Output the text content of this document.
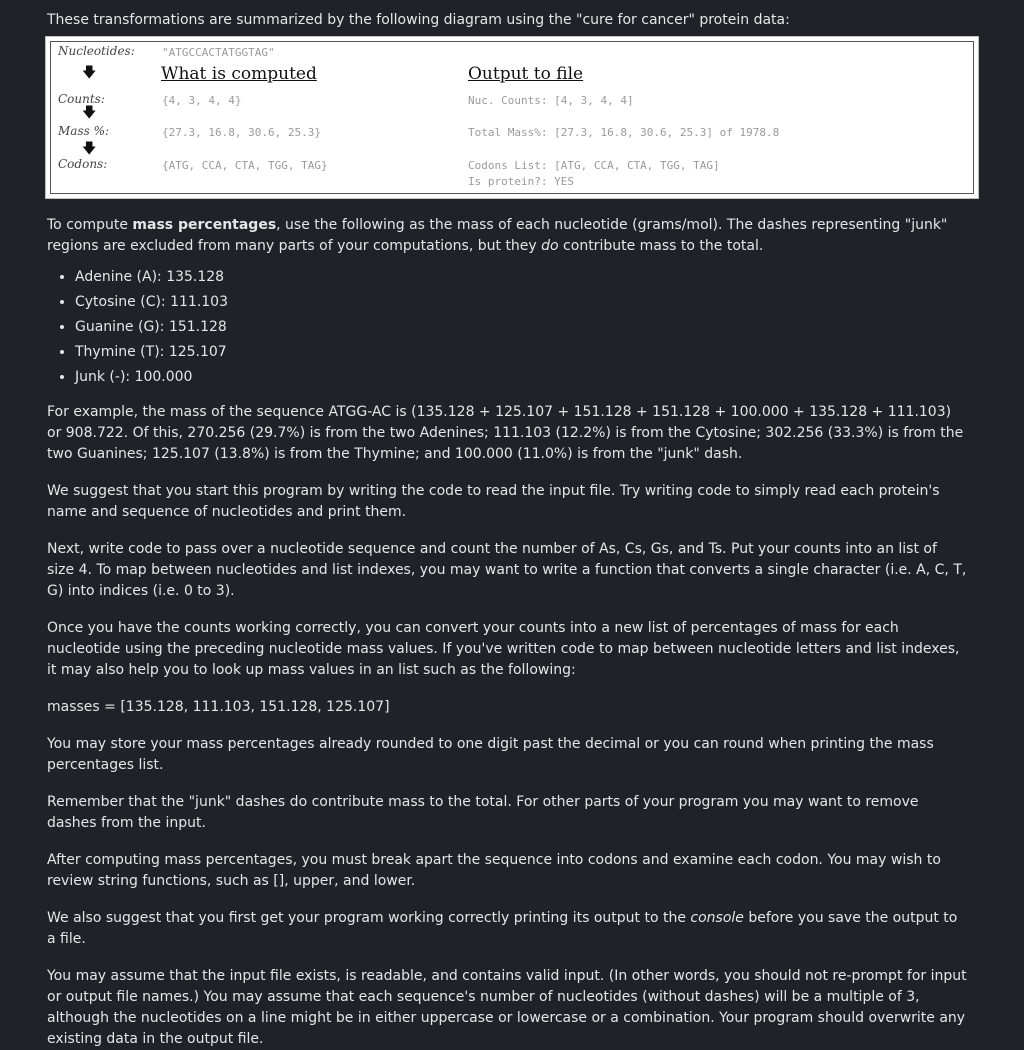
These transformations are summarized by the following diagram using the "cure for cancer" protein data:

Nucleotides: "ATGCCACTATGGTAG"
🡇	What is computed	Output to file
Counts:	{4, 3, 4, 4}	Nuc. Counts: [4, 3, 4, 4]
🡇
Mass %:	{27.3, 16.8, 30.6, 25.3}	Total Mass%: [27.3, 16.8, 30.6, 25.3] of 1978.8
🡇
Codons:	{ATG, CCA, CTA, TGG, TAG}	Codons List: [ATG, CCA, CTA, TGG, TAG]
Is protein?: YES

To compute mass percentages, use the following as the mass of each nucleotide (grams/mol). The dashes representing "junk" regions are excluded from many parts of your computations, but they do contribute mass to the total.

• Adenine (A): 135.128
• Cytosine (C): 111.103
• Guanine (G): 151.128
• Thymine (T): 125.107
• Junk (-): 100.000

For example, the mass of the sequence ATGG-AC is (135.128 + 125.107 + 151.128 + 151.128 + 100.000 + 135.128 + 111.103) or 908.722. Of this, 270.256 (29.7%) is from the two Adenines; 111.103 (12.2%) is from the Cytosine; 302.256 (33.3%) is from the two Guanines; 125.107 (13.8%) is from the Thymine; and 100.000 (11.0%) is from the "junk" dash.

We suggest that you start this program by writing the code to read the input file. Try writing code to simply read each protein's name and sequence of nucleotides and print them.

Next, write code to pass over a nucleotide sequence and count the number of As, Cs, Gs, and Ts. Put your counts into an list of size 4. To map between nucleotides and list indexes, you may want to write a function that converts a single character (i.e. A, C, T, G) into indices (i.e. 0 to 3).

Once you have the counts working correctly, you can convert your counts into a new list of percentages of mass for each nucleotide using the preceding nucleotide mass values. If you've written code to map between nucleotide letters and list indexes, it may also help you to look up mass values in an list such as the following:

masses = [135.128, 111.103, 151.128, 125.107]

You may store your mass percentages already rounded to one digit past the decimal or you can round when printing the mass percentages list.

Remember that the "junk" dashes do contribute mass to the total. For other parts of your program you may want to remove dashes from the input.

After computing mass percentages, you must break apart the sequence into codons and examine each codon. You may wish to review string functions, such as [], upper, and lower.

We also suggest that you first get your program working correctly printing its output to the console before you save the output to a file.

You may assume that the input file exists, is readable, and contains valid input. (In other words, you should not re-prompt for input or output file names.) You may assume that each sequence's number of nucleotides (without dashes) will be a multiple of 3, although the nucleotides on a line might be in either uppercase or lowercase or a combination. Your program should overwrite any existing data in the output file.
